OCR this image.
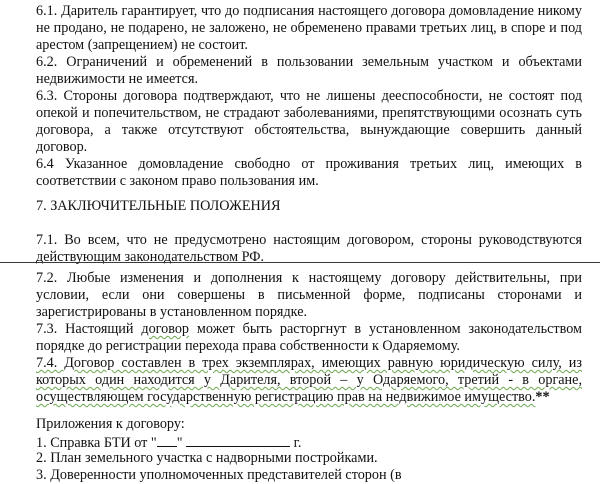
6.1. Даритель гарантирует, что до подписания настоящего договора домовладение никому не продано, не подарено, не заложено, не обременено правами третьих лиц, в споре и под арестом (запрещением) не состоит.

6.2. Ограничений и обременений в пользовании земельным участком и объектами недвижимости не имеется.

6.3. Стороны договора подтверждают, что не лишены дееспособности, не состоят под опекой и попечительством, не страдают заболеваниями, препятствующими осознать суть договора, а также отсутствуют обстоятельства, вынуждающие совершить данный договор.

6.4 Указанное домовладение свободно от проживания третьих лиц, имеющих в соответствии с законом право пользования им.

7. ЗАКЛЮЧИТЕЛЬНЫЕ ПОЛОЖЕНИЯ

7.1. Во всем, что не предусмотрено настоящим договором, стороны руководствуются действующим законодательством РФ.

7.2. Любые изменения и дополнения к настоящему договору действительны, при условии, если они совершены в письменной форме, подписаны сторонами и зарегистрированы в установленном порядке.

7.3. Настоящий договор может быть расторгнут в установленном законодательством порядке до регистрации перехода права собственности к Одаряемому.

7.4. Договор составлен в трех экземплярах, имеющих равную юридическую силу, из которых один находится у Дарителя, второй – у Одаряемого, третий - в органе, осуществляющем государственную регистрацию прав на недвижимое имущество.**

Приложения к договору:

1. Справка БТИ от " "	г.

2. План земельного участка с надворными постройками.

3. Доверенности уполномоченных представителей сторон (в
